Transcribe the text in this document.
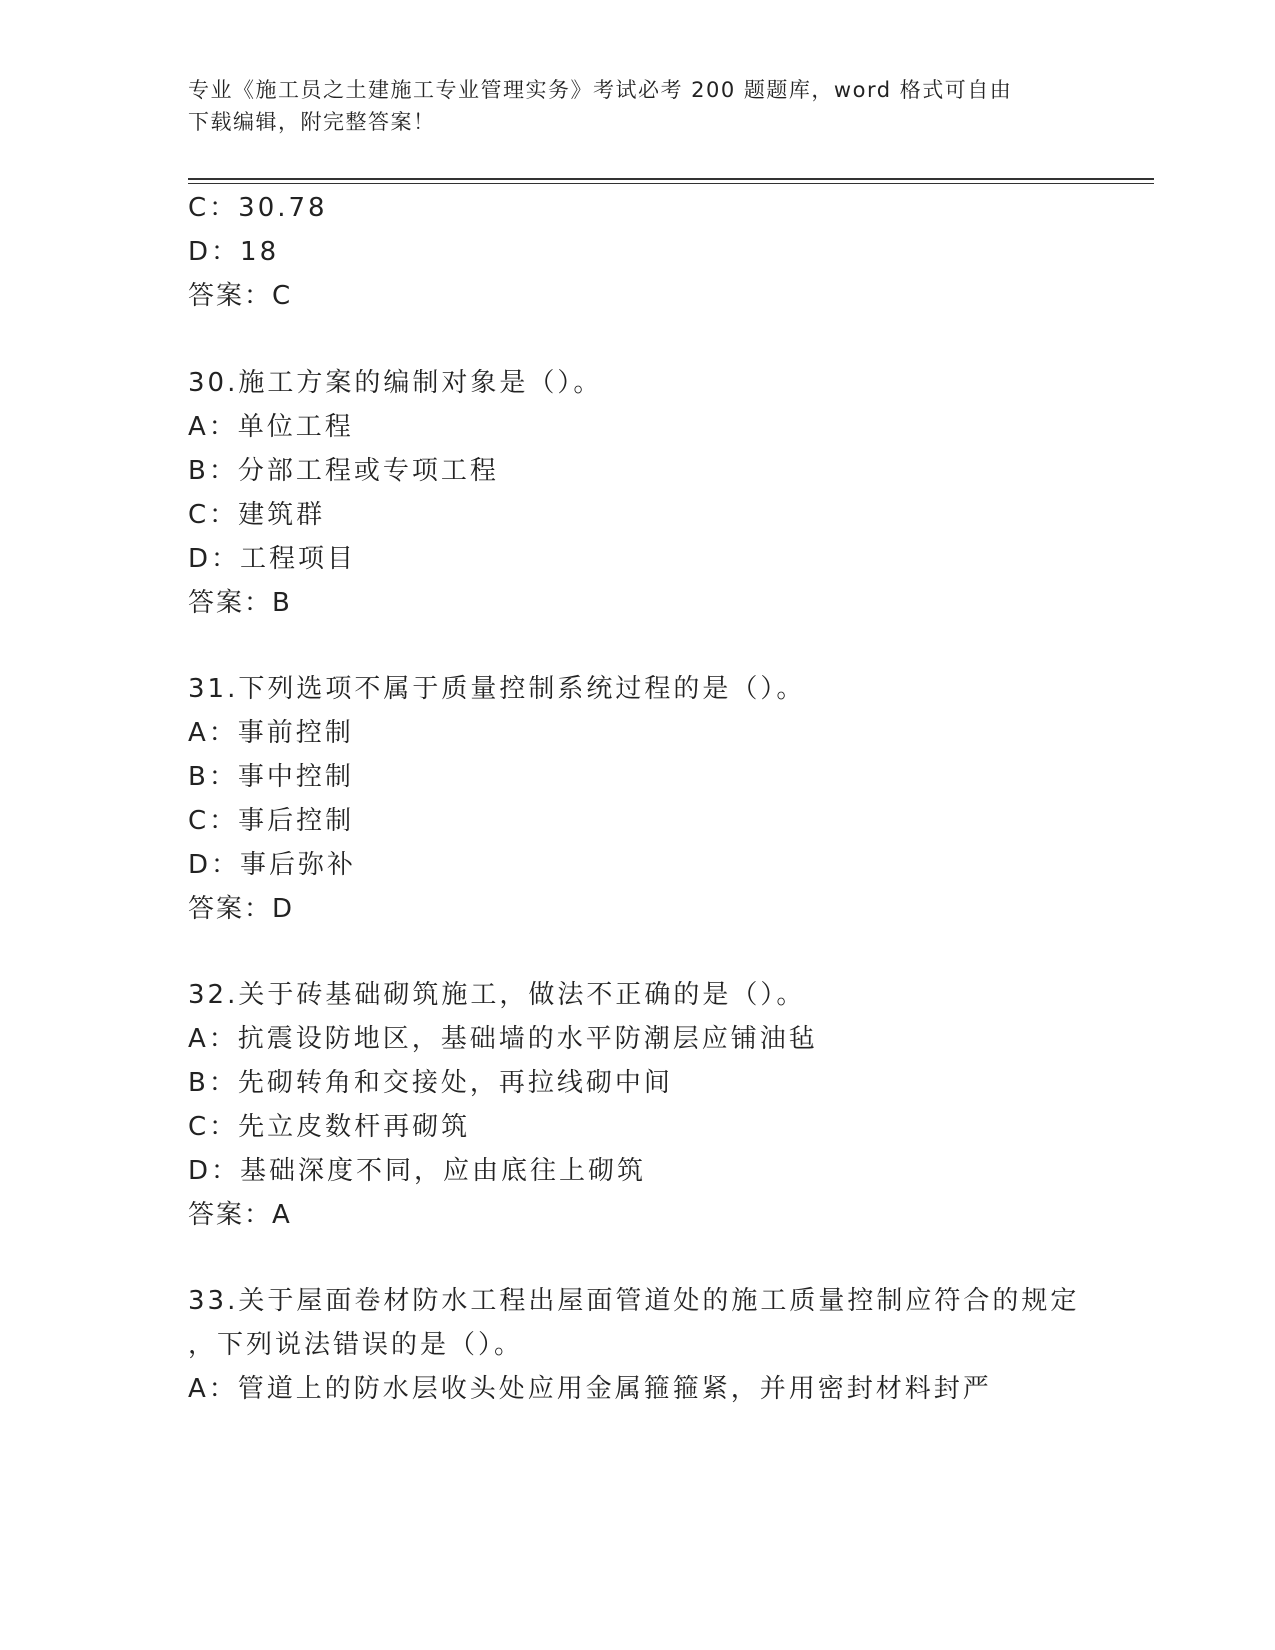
专业《施工员之土建施工专业管理实务》考试必考 200 题题库，word 格式可自由
下载编辑，附完整答案！
C：30.78
D：18
答案：C
30.施工方案的编制对象是（）。
A：单位工程
B：分部工程或专项工程
C：建筑群
D：工程项目
答案：B
31.下列选项不属于质量控制系统过程的是（）。
A：事前控制
B：事中控制
C：事后控制
D：事后弥补
答案：D
32.关于砖基础砌筑施工，做法不正确的是（）。
A：抗震设防地区，基础墙的水平防潮层应铺油毡
B：先砌转角和交接处，再拉线砌中间
C：先立皮数杆再砌筑
D：基础深度不同，应由底往上砌筑
答案：A
33.关于屋面卷材防水工程出屋面管道处的施工质量控制应符合的规定
，下列说法错误的是（）。
A：管道上的防水层收头处应用金属箍箍紧，并用密封材料封严
